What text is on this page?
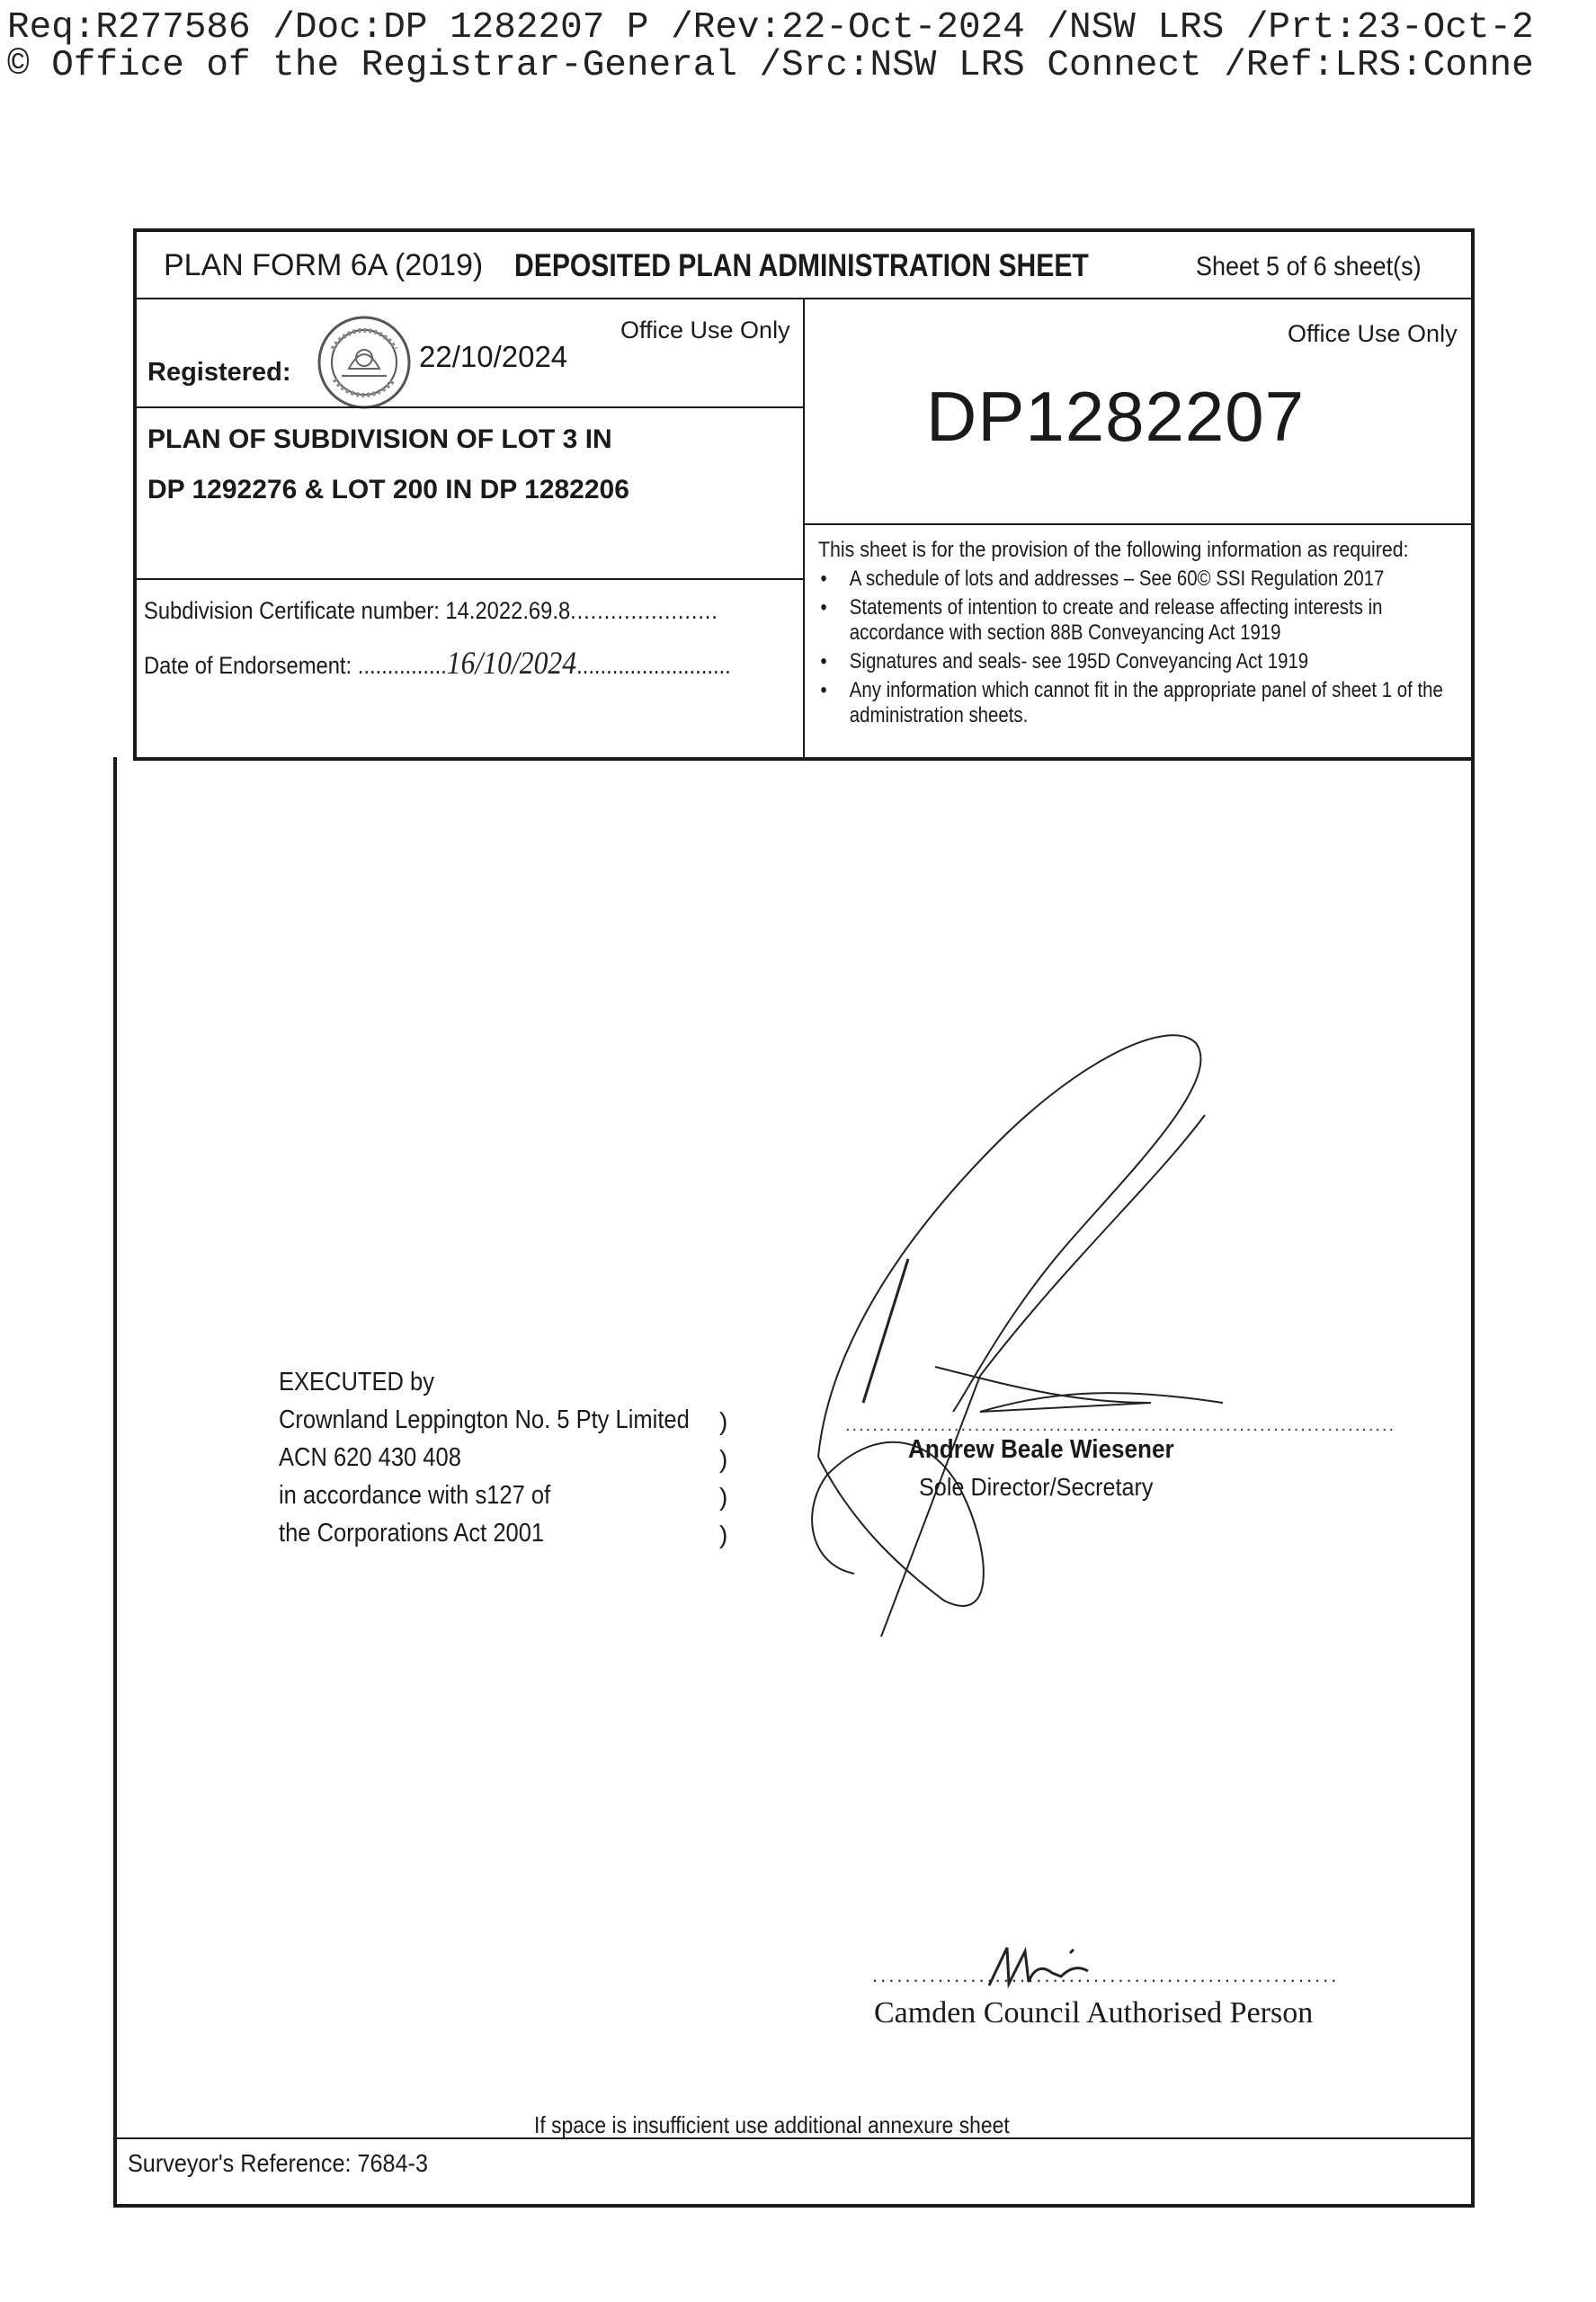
Req:R277586 /Doc:DP 1282207 P /Rev:22-Oct-2024 /NSW LRS /Prt:23-Oct-2
© Office of the Registrar-General /Src:NSW LRS Connect /Ref:LRS:Conne
PLAN FORM 6A (2019) DEPOSITED PLAN ADMINISTRATION SHEET	Sheet 5 of 6 sheet(s)
Office Use Only
Registered:	22/10/2024
PLAN OF SUBDIVISION OF LOT 3 IN
DP 1292276 & LOT 200 IN DP 1282206
Subdivision Certificate number: 14.2022.69.8......................
Date of Endorsement: ...............16/10/2024..........................
Office Use Only
DP1282207
This sheet is for the provision of the following information as required:
• A schedule of lots and addresses – See 60© SSI Regulation 2017
• Statements of intention to create and release affecting interests in accordance with section 88B Conveyancing Act 1919
• Signatures and seals- see 195D Conveyancing Act 1919
• Any information which cannot fit in the appropriate panel of sheet 1 of the administration sheets.
EXECUTED by
Crownland Leppington No. 5 Pty Limited
ACN 620 430 408
in accordance with s127 of
the Corporations Act 2001
)
)
)
)
.................................................................................
Andrew Beale Wiesener
Sole Director/Secretary
.........................................................
Camden Council Authorised Person
If space is insufficient use additional annexure sheet
Surveyor's Reference: 7684-3
